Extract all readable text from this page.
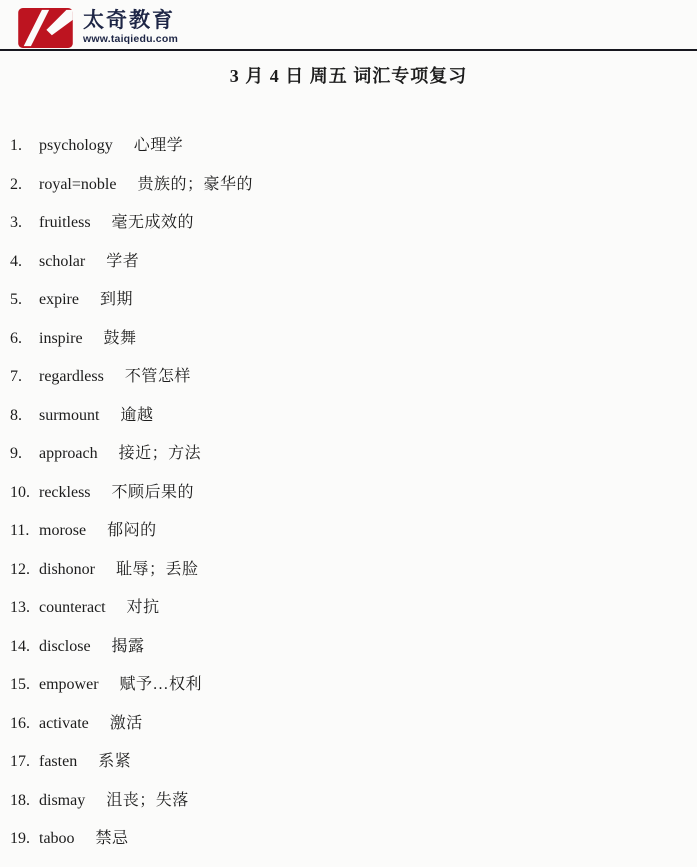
太奇教育
www.taiqiedu.com
3 月 4 日 周五 词汇专项复习
1. psychology 心理学
2. royal=noble 贵族的；豪华的
3. fruitless 毫无成效的
4. scholar 学者
5. expire 到期
6. inspire 鼓舞
7. regardless 不管怎样
8. surmount 逾越
9. approach 接近；方法
10. reckless 不顾后果的
11. morose 郁闷的
12. dishonor 耻辱；丢脸
13. counteract 对抗
14. disclose 揭露
15. empower 赋予…权利
16. activate 激活
17. fasten 系紧
18. dismay 沮丧；失落
19. taboo 禁忌
